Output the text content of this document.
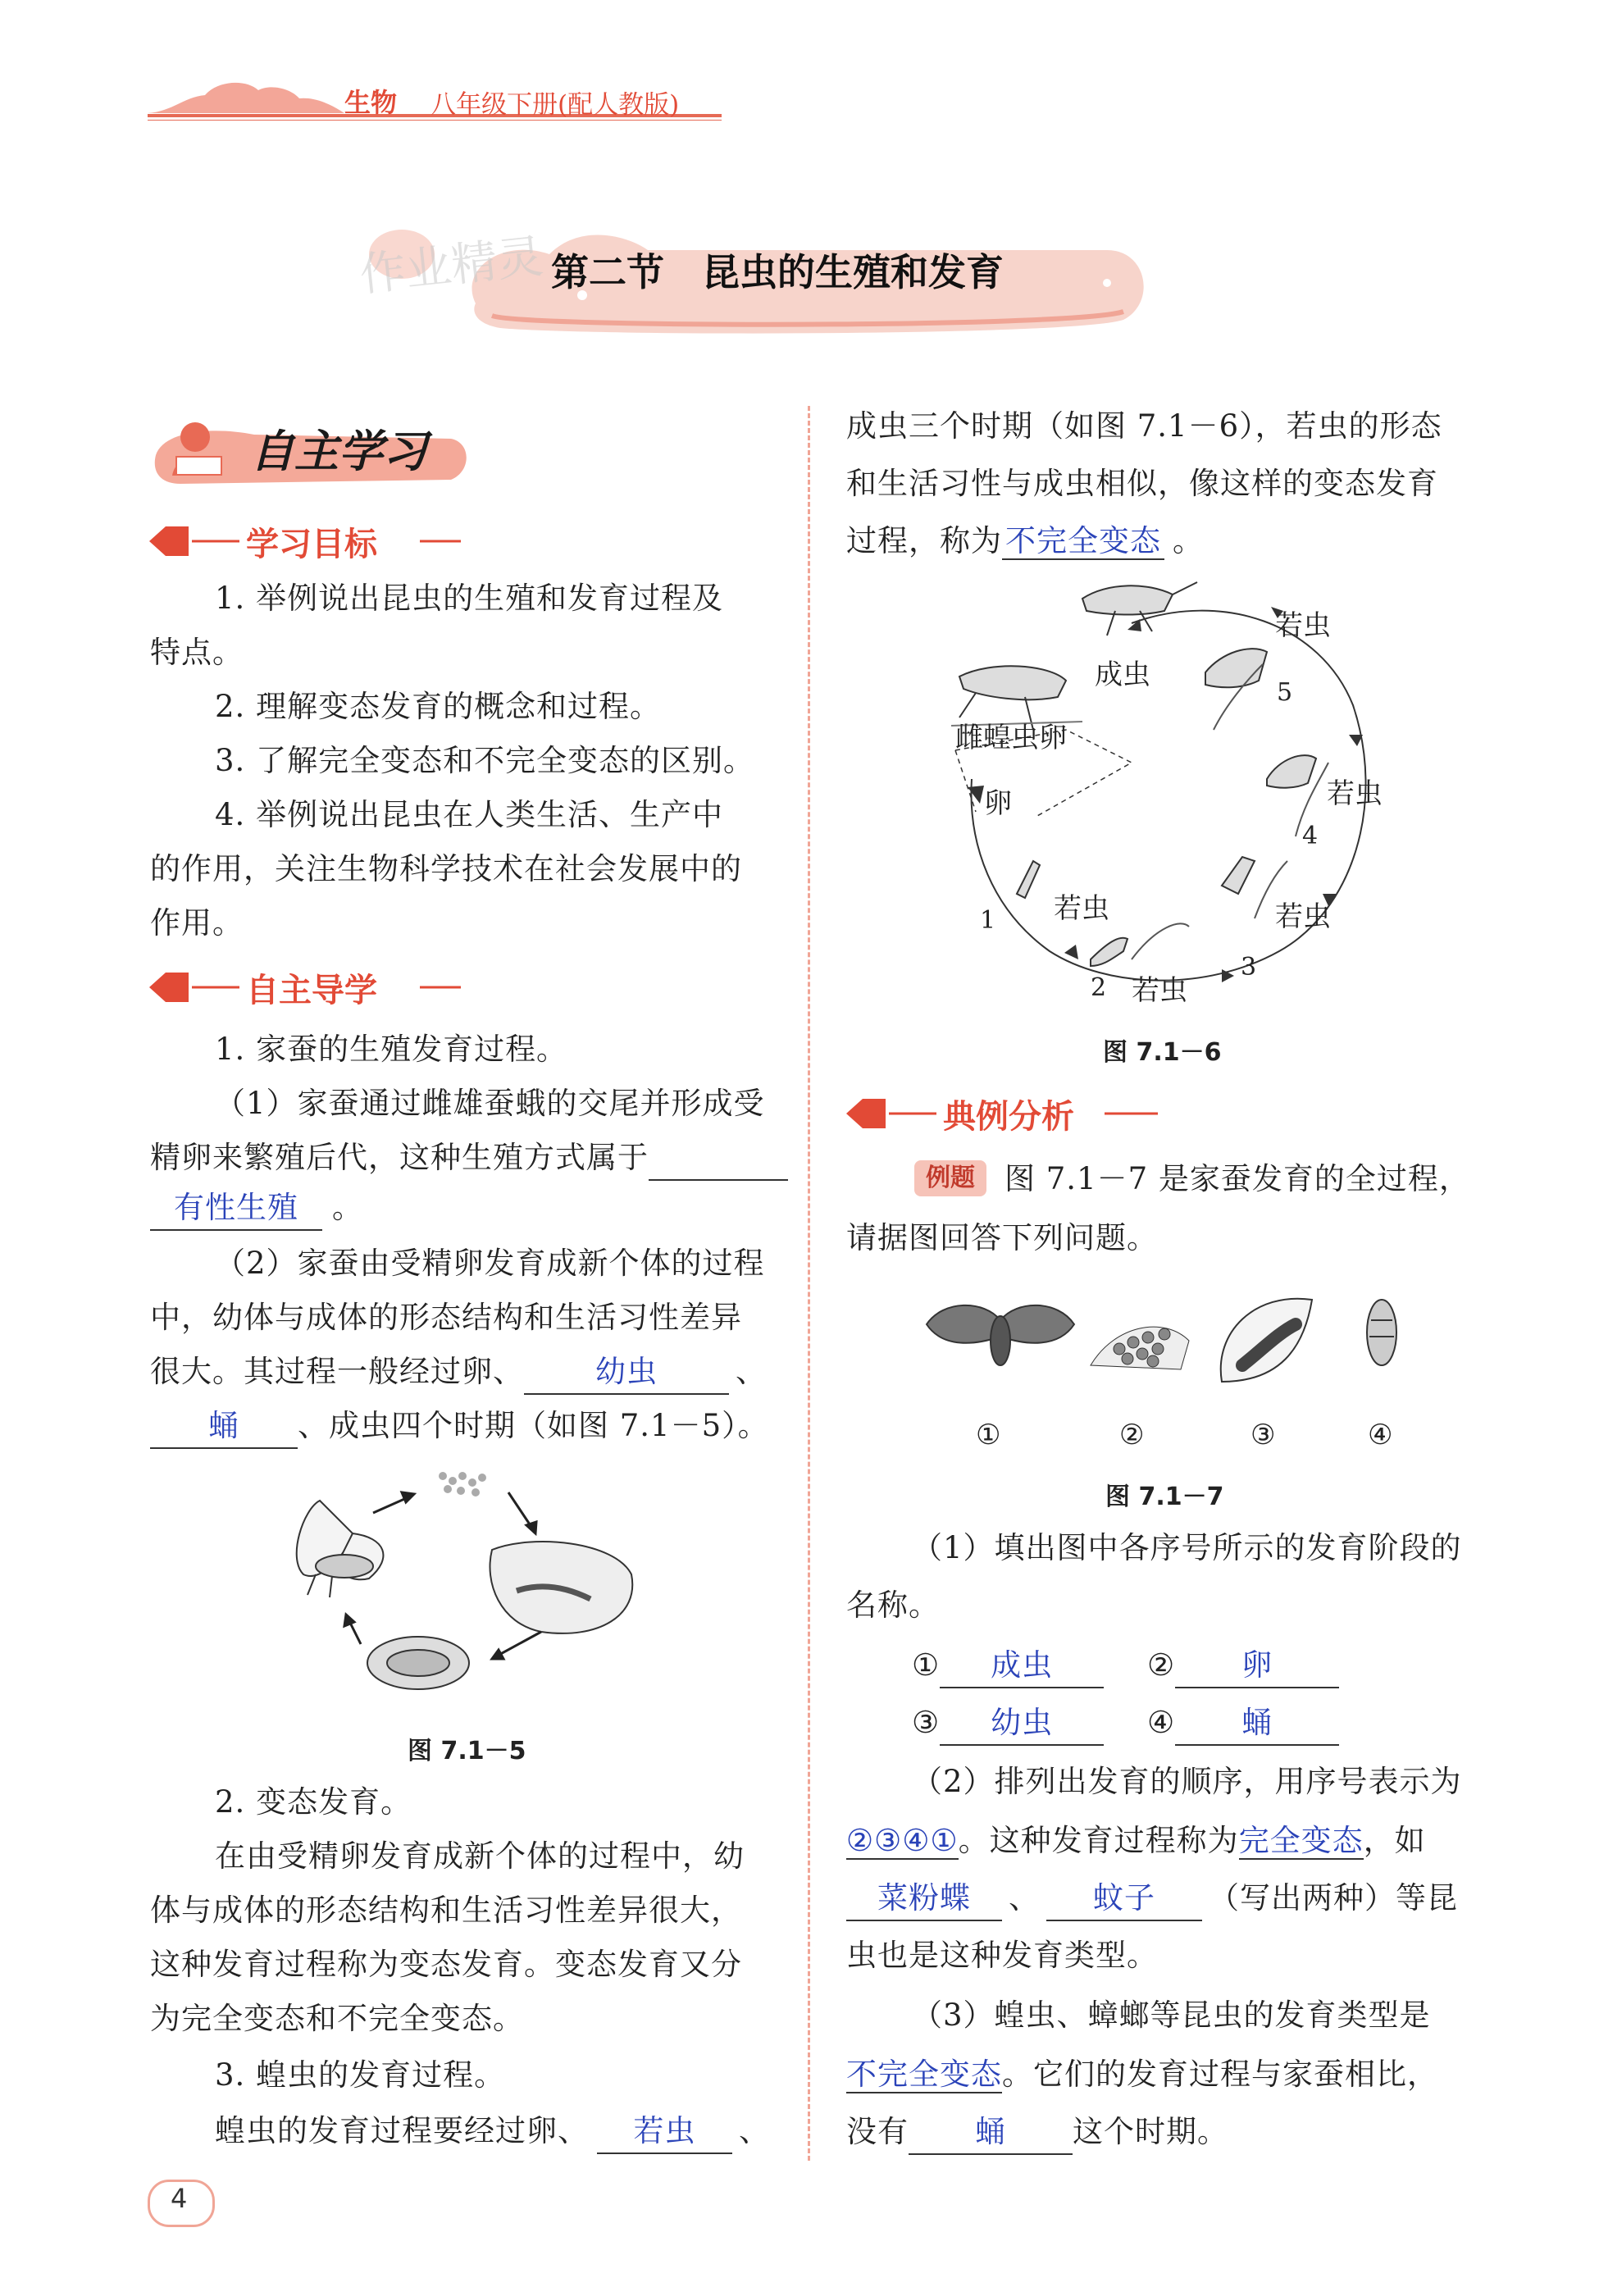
生物 八年级下册(配人教版)
作业精灵 第二节　昆虫的生殖和发育
自主学习
学习目标
1. 举例说出昆虫的生殖和发育过程及
特点。
2. 理解变态发育的概念和过程。
3. 了解完全变态和不完全变态的区别。
4. 举例说出昆虫在人类生活、生产中
的作用，关注生物科学技术在社会发展中的
作用。
自主导学
1. 家蚕的生殖发育过程。
（1）家蚕通过雌雄蚕蛾的交尾并形成受
精卵来繁殖后代，这种生殖方式属于
有性生殖 。
（2）家蚕由受精卵发育成新个体的过程
中，幼体与成体的形态结构和生活习性差异
很大。其过程一般经过卵、 幼虫	、
蛹 、成虫四个时期（如图 7.1－5）。
图 7.1－5
2. 变态发育。
在由受精卵发育成新个体的过程中，幼
体与成体的形态结构和生活习性差异很大，
这种发育过程称为变态发育。变态发育又分
为完全变态和不完全变态。
3. 蝗虫的发育过程。
蝗虫的发育过程要经过卵、 若虫 、
成虫三个时期（如图 7.1－6），若虫的形态
和生活习性与成虫相似，像这样的变态发育
过程，称为 不完全变态 。
成虫
雌蝗虫卵
卵
若虫
若虫
若虫
若虫
若虫
1
2
3
4
5
图 7.1－6
典例分析
例题 图 7.1－7 是家蚕发育的全过程，
请据图回答下列问题。
①	②	③	④
图 7.1－7
（1）填出图中各序号所示的发育阶段的
名称。
① 成虫	② 卵
③ 幼虫	④ 蛹
（2）排列出发育的顺序，用序号表示为
②③④①。这种发育过程称为完全变态，如
菜粉蝶 、 蚊子 （写出两种）等昆
虫也是这种发育类型。
（3）蝗虫、蟑螂等昆虫的发育类型是
不完全变态。它们的发育过程与家蚕相比，
没有 蛹 这个时期。
4
